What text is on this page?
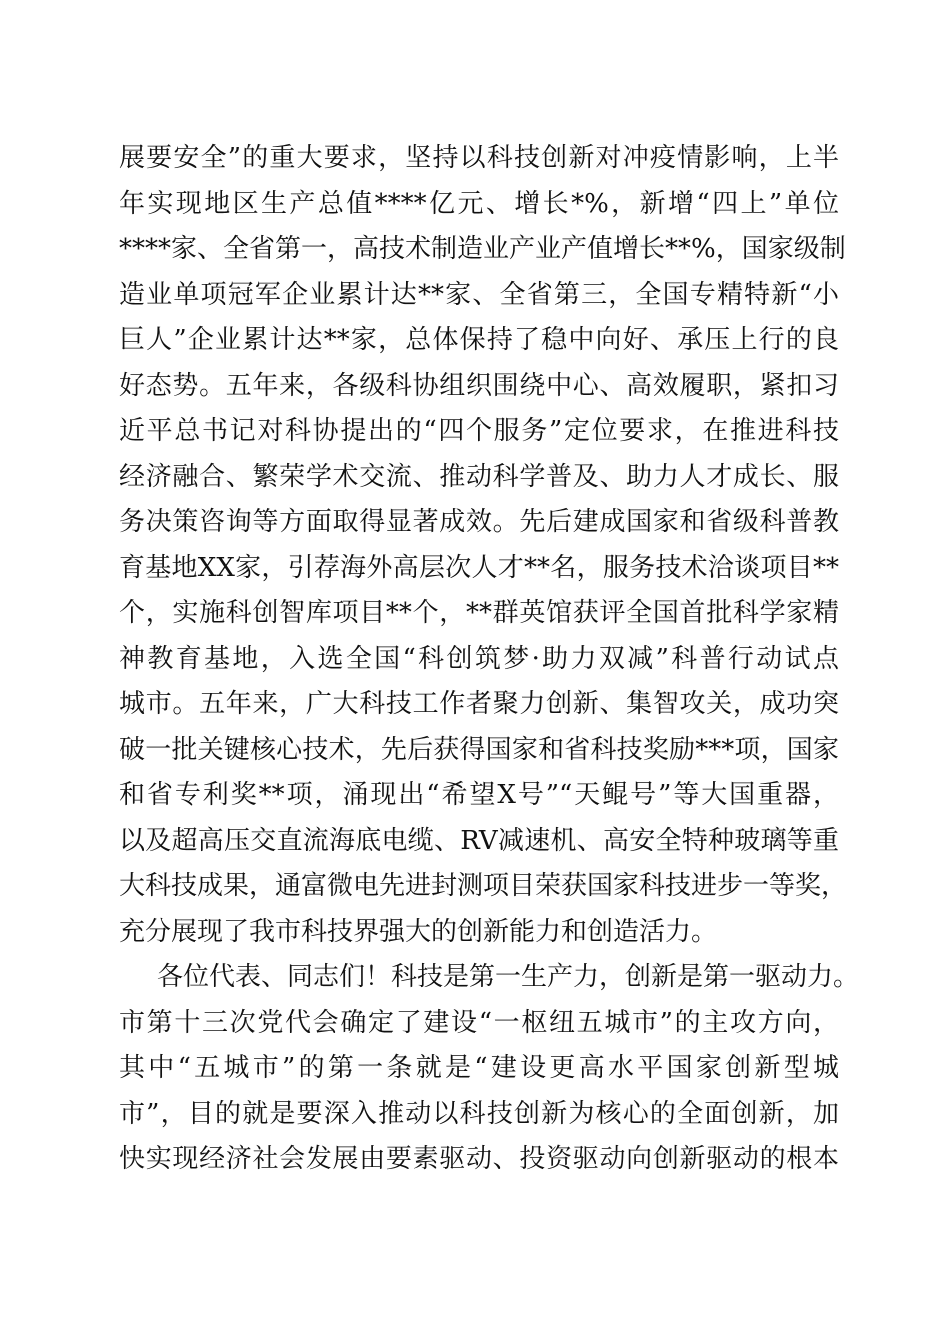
展要安全”的重大要求，坚持以科技创新对冲疫情影响，上半
年实现地区生产总值****亿元、增长*%，新增“四上”单位
****家、全省第一，高技术制造业产业产值增长**%，国家级制
造业单项冠军企业累计达**家、全省第三，全国专精特新“小
巨人”企业累计达**家，总体保持了稳中向好、承压上行的良
好态势。五年来，各级科协组织围绕中心、高效履职，紧扣习
近平总书记对科协提出的“四个服务”定位要求，在推进科技
经济融合、繁荣学术交流、推动科学普及、助力人才成长、服
务决策咨询等方面取得显著成效。先后建成国家和省级科普教
育基地XX家，引荐海外高层次人才**名，服务技术洽谈项目**
个，实施科创智库项目**个，**群英馆获评全国首批科学家精
神教育基地，入选全国“科创筑梦·助力双减”科普行动试点
城市。五年来，广大科技工作者聚力创新、集智攻关，成功突
破一批关键核心技术，先后获得国家和省科技奖励***项，国家
和省专利奖**项，涌现出“希望X号”“天鲲号”等大国重器，
以及超高压交直流海底电缆、RV减速机、高安全特种玻璃等重
大科技成果，通富微电先进封测项目荣获国家科技进步一等奖，
充分展现了我市科技界强大的创新能力和创造活力。
各位代表、同志们！科技是第一生产力，创新是第一驱动力。
市第十三次党代会确定了建设“一枢纽五城市”的主攻方向，
其中“五城市”的第一条就是“建设更高水平国家创新型城
市”，目的就是要深入推动以科技创新为核心的全面创新，加
快实现经济社会发展由要素驱动、投资驱动向创新驱动的根本
